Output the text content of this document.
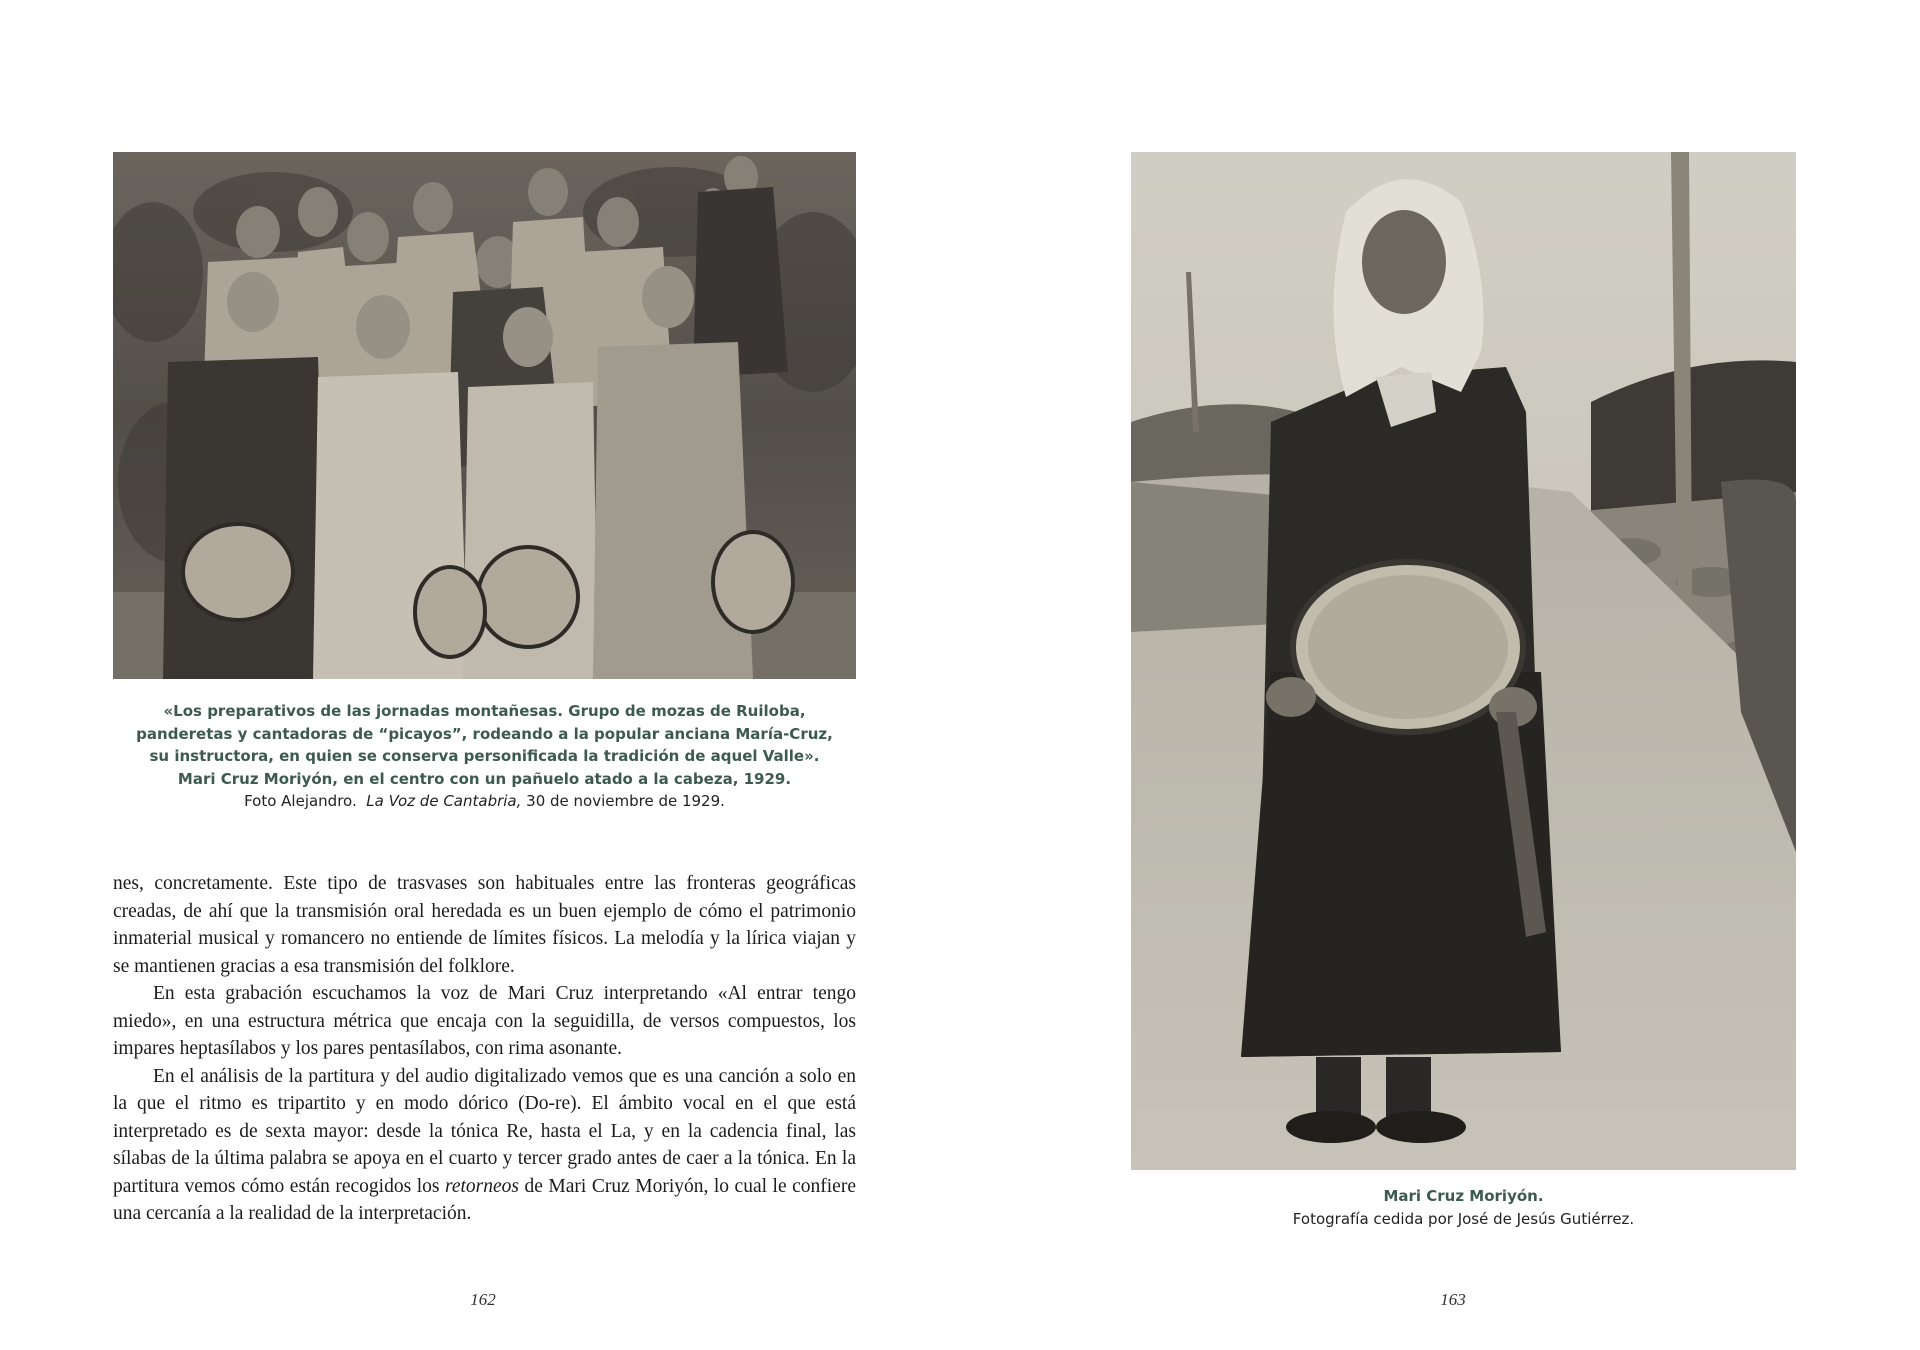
«Los preparativos de las jornadas montañesas. Grupo de mozas de Ruiloba,
panderetas y cantadoras de “picayos”, rodeando a la popular anciana María-Cruz,
su instructora, en quien se conserva personificada la tradición de aquel Valle».
Mari Cruz Moriyón, en el centro con un pañuelo atado a la cabeza, 1929.
Foto Alejandro. La Voz de Cantabria, 30 de noviembre de 1929.

nes, concretamente. Este tipo de trasvases son habituales entre las fronteras geográficas creadas, de ahí que la transmisión oral heredada es un buen ejemplo de cómo el patrimonio inmaterial musical y romancero no entiende de límites físicos. La melodía y la lírica viajan y se mantienen gracias a esa transmisión del folklore.

En esta grabación escuchamos la voz de Mari Cruz interpretando «Al entrar tengo miedo», en una estructura métrica que encaja con la seguidilla, de versos compuestos, los impares heptasílabos y los pares pentasílabos, con rima asonante.

En el análisis de la partitura y del audio digitalizado vemos que es una canción a solo en la que el ritmo es tripartito y en modo dórico (Do-re). El ámbito vocal en el que está interpretado es de sexta mayor: desde la tónica Re, hasta el La, y en la cadencia final, las sílabas de la última palabra se apoya en el cuarto y tercer grado antes de caer a la tónica. En la partitura vemos cómo están recogidos los retorneos de Mari Cruz Moriyón, lo cual le confiere una cercanía a la realidad de la interpretación.

162
Mari Cruz Moriyón.
Fotografía cedida por José de Jesús Gutiérrez.
163
